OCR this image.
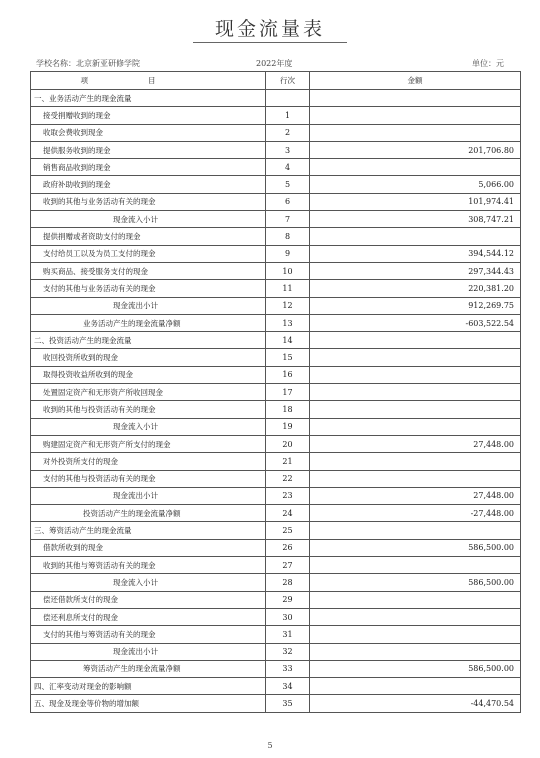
现金流量表
学校名称：北京新亚研修学院	2022年度	单位：元
项目	行次	金额
一、业务活动产生的现金流量		
接受捐赠收到的现金	1	
收取会费收到现金	2	
提供服务收到的现金	3	201,706.80
销售商品收到的现金	4	
政府补助收到的现金	5	5,066.00
收到的其他与业务活动有关的现金	6	101,974.41
现金流入小计	7	308,747.21
提供捐赠或者资助支付的现金	8	
支付给员工以及为员工支付的现金	9	394,544.12
购买商品、接受服务支付的现金	10	297,344.43
支付的其他与业务活动有关的现金	11	220,381.20
现金流出小计	12	912,269.75
业务活动产生的现金流量净额	13	-603,522.54
二、投资活动产生的现金流量	14	
收回投资所收到的现金	15	
取得投资收益所收到的现金	16	
处置固定资产和无形资产所收回现金	17	
收到的其他与投资活动有关的现金	18	
现金流入小计	19	
购建固定资产和无形资产所支付的现金	20	27,448.00
对外投资所支付的现金	21	
支付的其他与投资活动有关的现金	22	
现金流出小计	23	27,448.00
投资活动产生的现金流量净额	24	-27,448.00
三、筹资活动产生的现金流量	25	
借款所收到的现金	26	586,500.00
收到的其他与筹资活动有关的现金	27	
现金流入小计	28	586,500.00
偿还借款所支付的现金	29	
偿还利息所支付的现金	30	
支付的其他与筹资活动有关的现金	31	
现金流出小计	32	
筹资活动产生的现金流量净额	33	586,500.00
四、汇率变动对现金的影响额	34	
五、现金及现金等价物的增加额	35	-44,470.54
5
